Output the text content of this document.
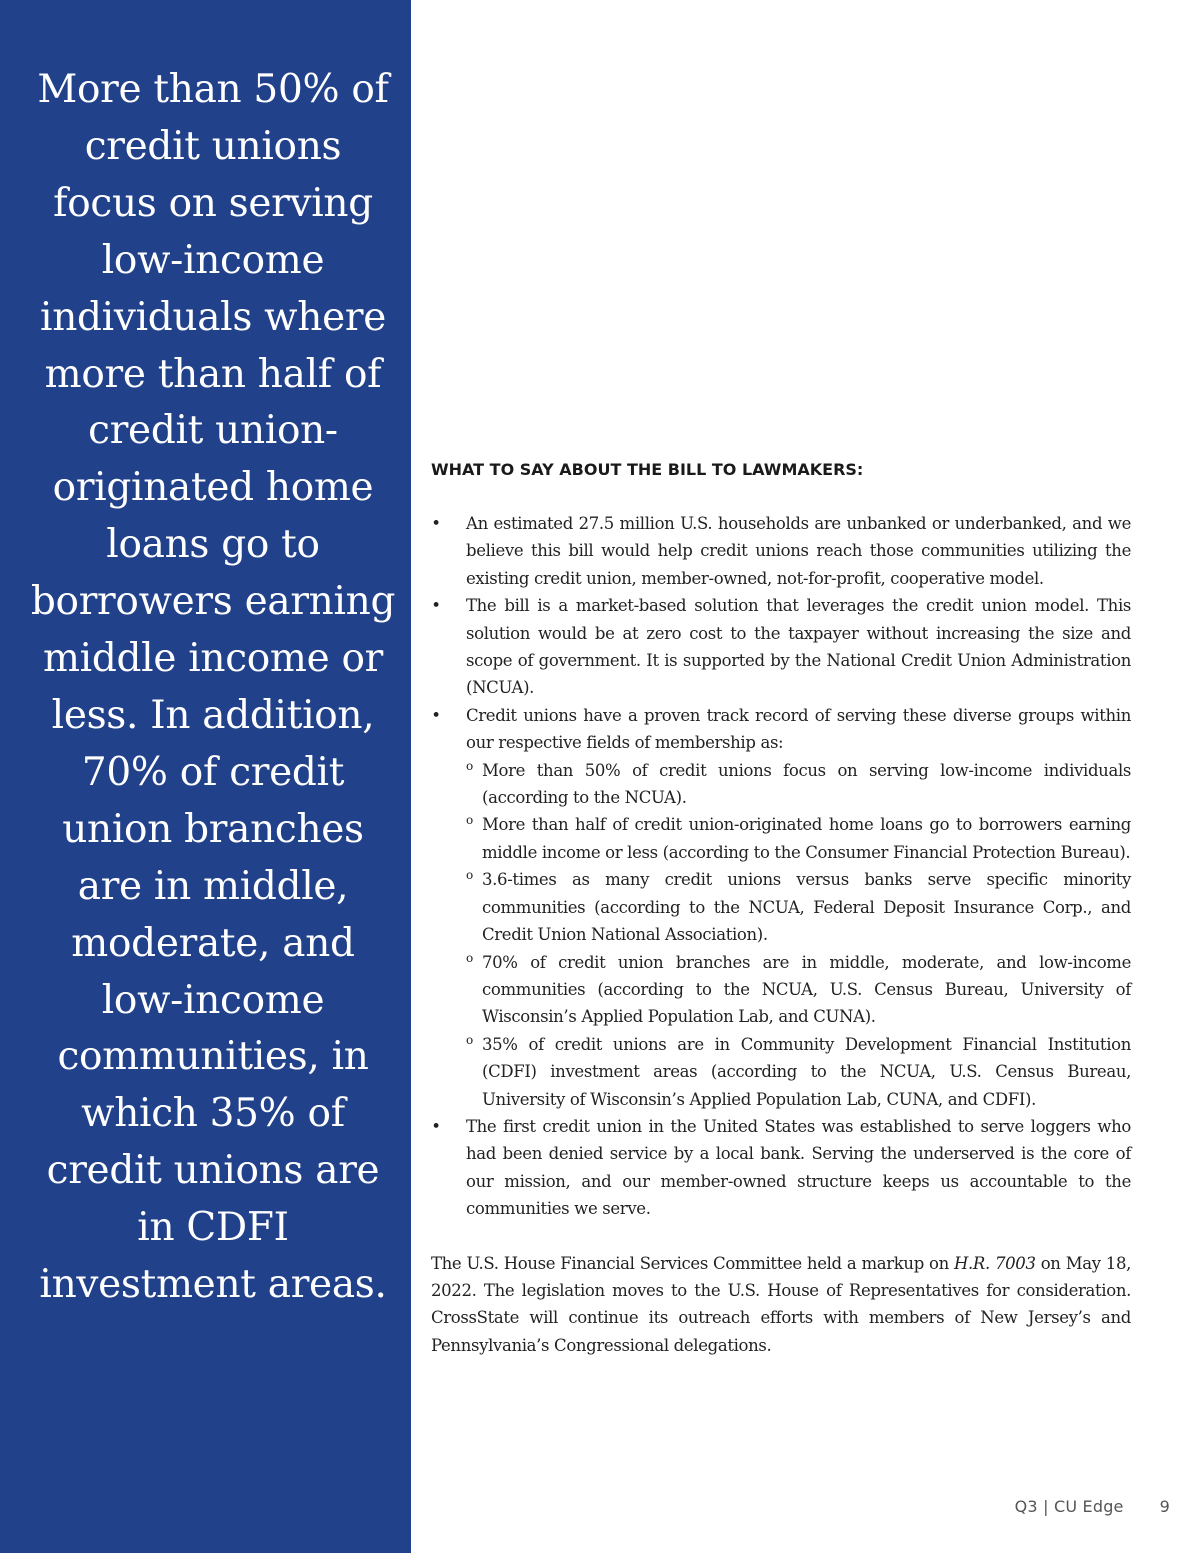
More than 50% of credit unions focus on serving low-income individuals where more than half of credit union-originated home loans go to borrowers earning middle income or less. In addition, 70% of credit union branches are in middle, moderate, and low-income communities, in which 35% of credit unions are in CDFI investment areas.

WHAT TO SAY ABOUT THE BILL TO LAWMAKERS:
• An estimated 27.5 million U.S. households are unbanked or underbanked, and we believe this bill would help credit unions reach those communities utilizing the existing credit union, member-owned, not-for-profit, cooperative model.
• The bill is a market-based solution that leverages the credit union model. This solution would be at zero cost to the taxpayer without increasing the size and scope of government. It is supported by the National Credit Union Administration (NCUA).
• Credit unions have a proven track record of serving these diverse groups within our respective fields of membership as:
o More than 50% of credit unions focus on serving low-income individuals (according to the NCUA).
o More than half of credit union-originated home loans go to borrowers earning middle income or less (according to the Consumer Financial Protection Bureau).
o 3.6-times as many credit unions versus banks serve specific minority communities (according to the NCUA, Federal Deposit Insurance Corp., and Credit Union National Association).
o 70% of credit union branches are in middle, moderate, and low-income communities (according to the NCUA, U.S. Census Bureau, University of Wisconsin’s Applied Population Lab, and CUNA).
o 35% of credit unions are in Community Development Financial Institution (CDFI) investment areas (according to the NCUA, U.S. Census Bureau, University of Wisconsin’s Applied Population Lab, CUNA, and CDFI).
• The first credit union in the United States was established to serve loggers who had been denied service by a local bank. Serving the underserved is the core of our mission, and our member-owned structure keeps us accountable to the communities we serve.

The U.S. House Financial Services Committee held a markup on H.R. 7003 on May 18, 2022. The legislation moves to the U.S. House of Representatives for consideration. CrossState will continue its outreach efforts with members of New Jersey’s and Pennsylvania’s Congressional delegations.

Q3 | CU Edge 9
